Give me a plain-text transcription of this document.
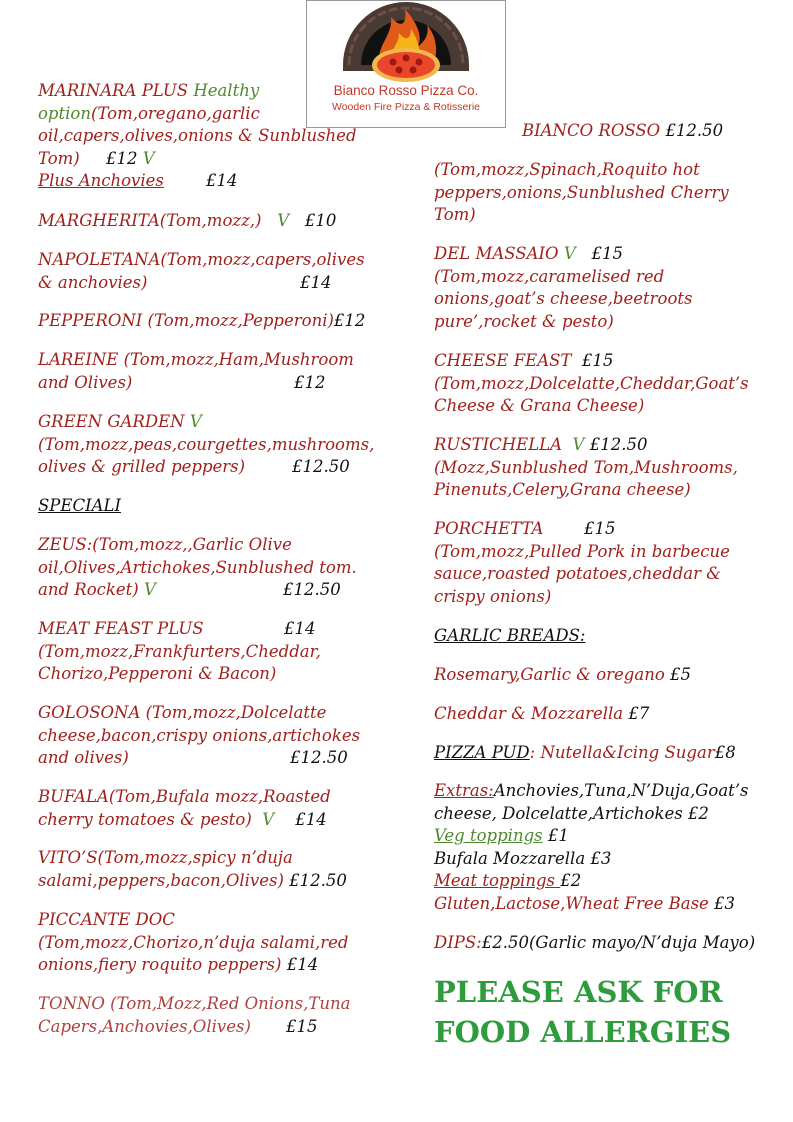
Bianco Rosso Pizza Co.
Wooden Fire Pizza & Rotisserie

MARINARA PLUS Healthy
option(Tom,oregano,garlic oil,capers,olives,onions & Sunblushed Tom) £12 V
Plus Anchovies	£14

MARGHERITA(Tom,mozz,) V £10

NAPOLETANA(Tom,mozz,capers,olives & anchovies)	£14

PEPPERONI (Tom,mozz,Pepperoni)£12

LAREINE (Tom,mozz,Ham,Mushroom and Olives)	£12

GREEN GARDEN V
(Tom,mozz,peas,courgettes,mushrooms, olives & grilled peppers)	£12.50

SPECIALI

ZEUS:(Tom,mozz,,Garlic Olive oil,Olives,Artichokes,Sunblushed tom. and Rocket) V	£12.50

MEAT FEAST PLUS	£14

(Tom,mozz,Frankfurters,Cheddar, Chorizo,Pepperoni & Bacon)

GOLOSONA (Tom,mozz,Dolcelatte cheese,bacon,crispy onions,artichokes and olives)	£12.50

BUFALA(Tom,Bufala mozz,Roasted cherry tomatoes & pesto) V £14

VITO’S(Tom,mozz,spicy n’duja salami,peppers,bacon,Olives) £12.50

PICCANTE DOC (Tom,mozz,Chorizo,n’duja salami,red onions,fiery roquito peppers) £14

TONNO (Tom,Mozz,Red Onions,Tuna Capers,Anchovies,Olives) £15

BIANCO ROSSO £12.50

(Tom,mozz,Spinach,Roquito hot peppers,onions,Sunblushed Cherry Tom)

DEL MASSAIO V £15
(Tom,mozz,caramelised red onions,goat’s cheese,beetroots pure’,rocket & pesto)

CHEESE FEAST £15
(Tom,mozz,Dolcelatte,Cheddar,Goat’s Cheese & Grana Cheese)

RUSTICHELLA V £12.50
(Mozz,Sunblushed Tom,Mushrooms, Pinenuts,Celery,Grana cheese)

PORCHETTA £15

(Tom,mozz,Pulled Pork in barbecue sauce,roasted potatoes,cheddar & crispy onions)

GARLIC BREADS:

Rosemary,Garlic & oregano £5

Cheddar & Mozzarella £7

PIZZA PUD: Nutella&Icing Sugar£8

Extras:Anchovies,Tuna,N’Duja,Goat’s cheese, Dolcelatte,Artichokes £2
Veg toppings £1
Bufala Mozzarella £3
Meat toppings £2
Gluten,Lactose,Wheat Free Base £3

DIPS:£2.50(Garlic mayo/N’duja Mayo)

PLEASE ASK FOR

FOOD ALLERGIES
